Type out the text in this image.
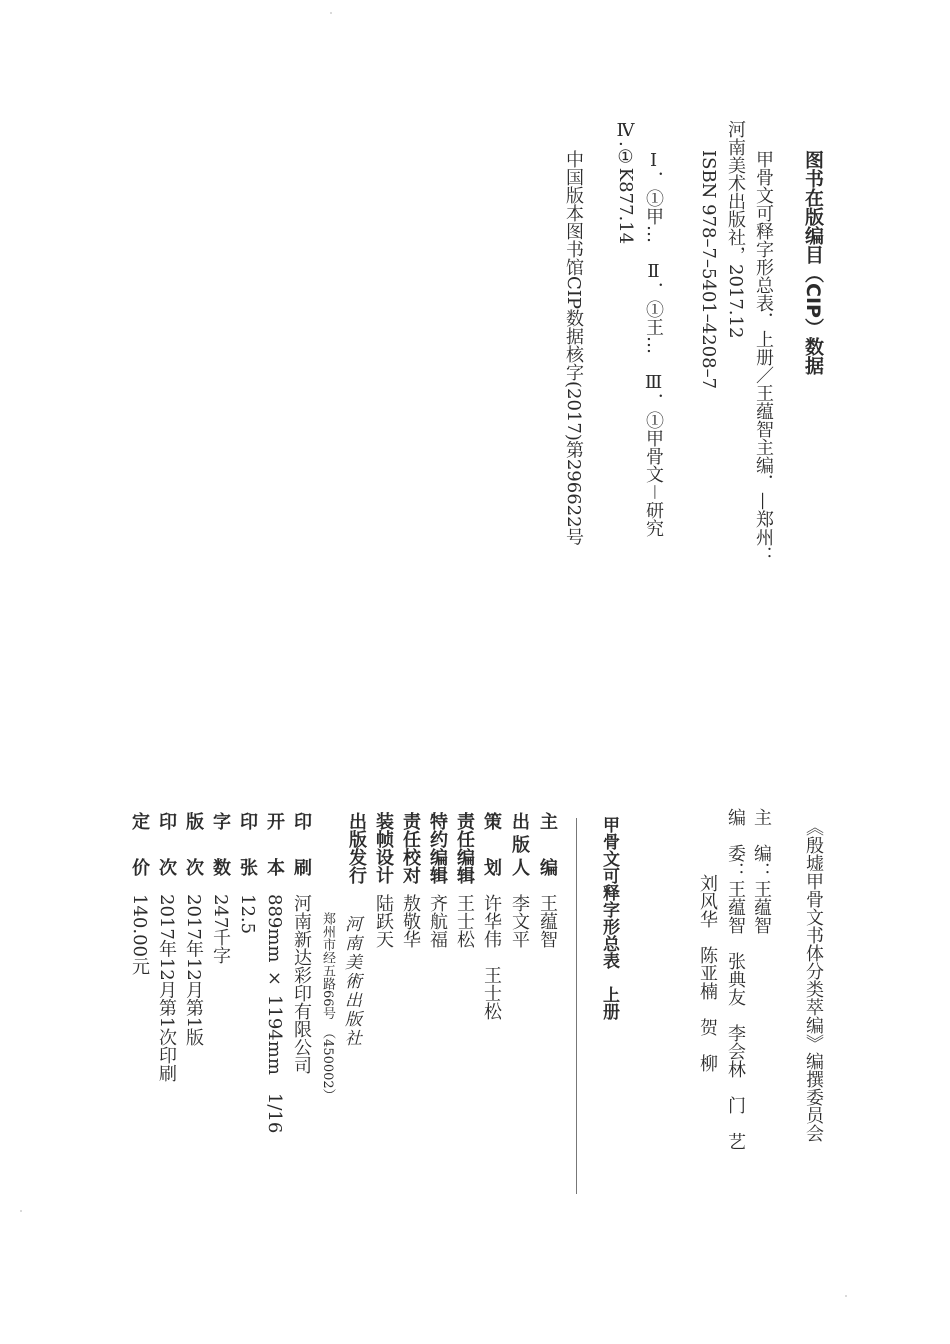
图书在版编目（CIP）数据
甲骨文可释字形总表．上册／王蕴智主编．—郑州：
河南美术出版社，2017.12
ISBN 978–7–5401–4208–7
Ⅰ．①甲…　Ⅱ．①王…　Ⅲ．①甲骨文－研究
Ⅳ.①K877.14
中国版本图书馆CIP数据核字(2017)第296622号
《殷墟甲骨文书体分类萃编》编撰委员会
主　编：王蕴智
编　委：王蕴智　张典友　李会林　门　艺
刘风华　陈亚楠　贺　柳
甲骨文可释字形总表　上册
主　编王蕴智
出版人李文平
策　划许华伟　王士松
责任编辑王士松
特约编辑齐航福
责任校对敖敬华
装帧设计陆跃天
出版发行
河南美術出版社
郑州市经五路66号　（450002）
印　刷河南新达彩印有限公司
开　本889mm × 1194mm　1/16
印　张12.5
字　数247千字
版　次2017年12月第1版
印　次2017年12月第1次印刷
定　价140.00元
